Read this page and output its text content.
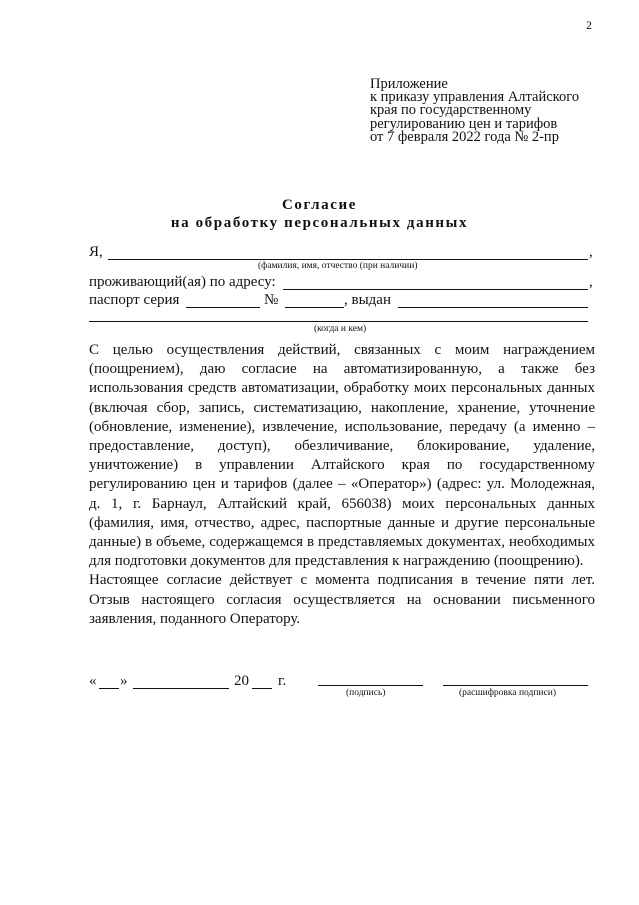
2
Приложение
к приказу управления Алтайского
края по государственному
регулированию цен и тарифов
от 7 февраля 2022 года № 2-пр
Согласие
на обработку персональных данных
Я,	,
(фамилия, имя, отчество (при наличии)
проживающий(ая) по адресу:	,
паспорт серия	№	, выдан
(когда и кем)

С целью осуществления действий, связанных с моим награждением (поощрением), даю согласие на автоматизированную, а также без использования средств автоматизации, обработку моих персональных данных (включая сбор, запись, систематизацию, накопление, хранение, уточнение (обновление, изменение), извлечение, использование, передачу (а именно – предоставление, доступ), обезличивание, блокирование, удаление, уничтожение) в управлении Алтайского края по государственному регулированию цен и тарифов (далее – «Оператор») (адрес: ул. Молодежная, д. 1, г. Барнаул, Алтайский край, 656038) моих персональных данных (фамилия, имя, отчество, адрес, паспортные данные и другие персональные данные) в объеме, содержащемся в представляемых документах, необходимых для подготовки документов для представления к награждению (поощрению).

Настоящее согласие действует с момента подписания в течение пяти лет. Отзыв настоящего согласия осуществляется на основании письменного заявления, поданного Оператору.

« »	20 г.
(подпись)	(расшифровка подписи)
